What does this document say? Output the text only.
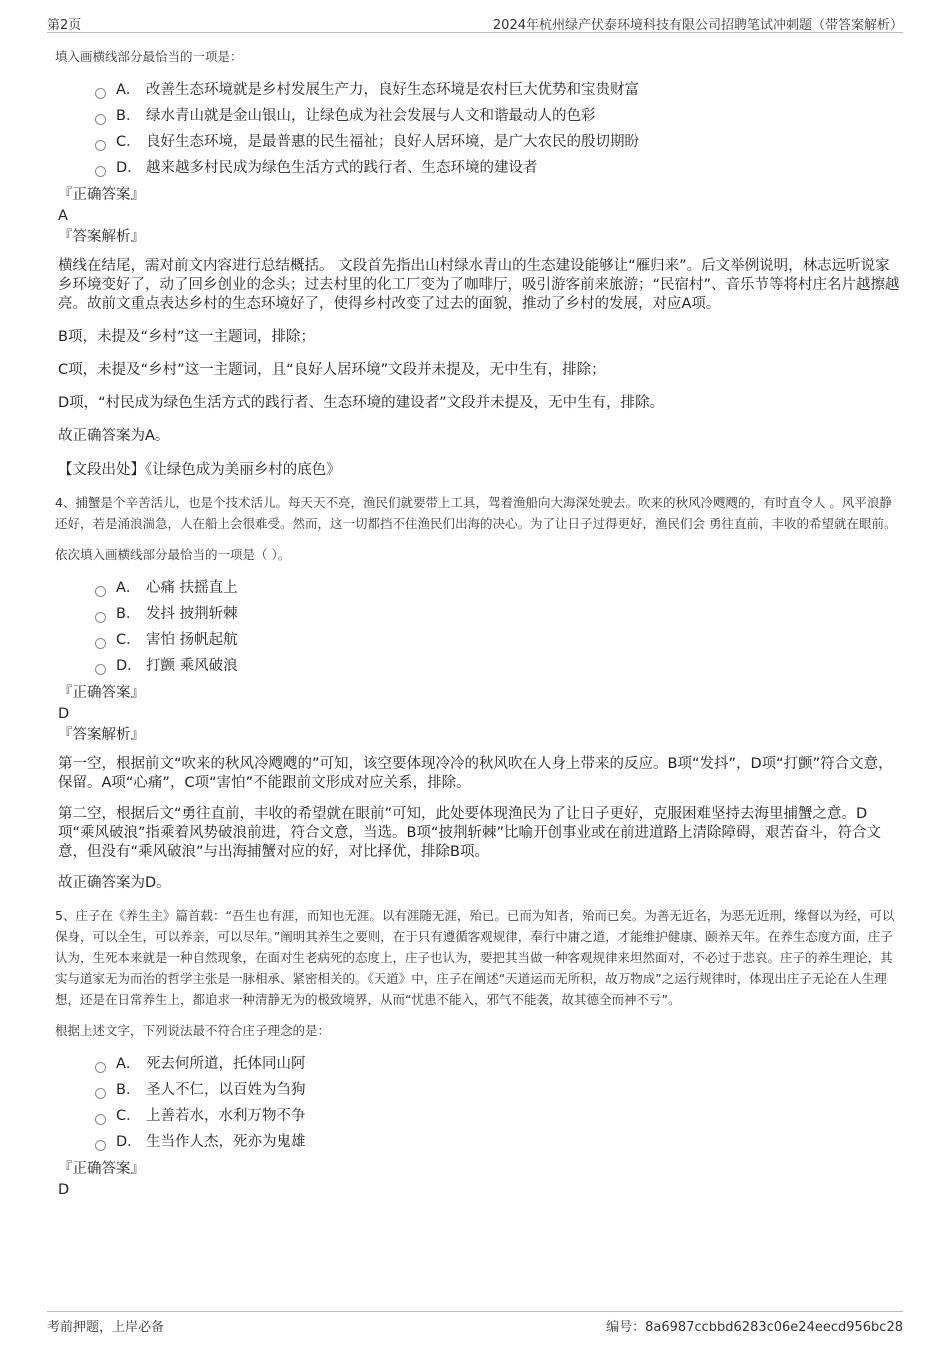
第2页	2024年杭州绿产伏泰环境科技有限公司招聘笔试冲刺题（带答案解析）
填入画横线部分最恰当的一项是：
A． 改善生态环境就是乡村发展生产力，良好生态环境是农村巨大优势和宝贵财富
B． 绿水青山就是金山银山，让绿色成为社会发展与人文和谐最动人的色彩
C． 良好生态环境，是最普惠的民生福祉；良好人居环境，是广大农民的殷切期盼
D． 越来越多村民成为绿色生活方式的践行者、生态环境的建设者
『正确答案』
A
『答案解析』
横线在结尾，需对前文内容进行总结概括。 文段首先指出山村绿水青山的生态建设能够让“雁归来”。后文举例说明，林志远听说家乡环境变好了，动了回乡创业的念头；过去村里的化工厂变为了咖啡厅，吸引游客前来旅游；“民宿村”、音乐节等将村庄名片越擦越亮。故前文重点表达乡村的生态环境好了，使得乡村改变了过去的面貌，推动了乡村的发展，对应A项。
B项，未提及“乡村”这一主题词，排除；
C项，未提及“乡村”这一主题词，且“良好人居环境”文段并未提及，无中生有，排除；
D项，“村民成为绿色生活方式的践行者、生态环境的建设者”文段并未提及，无中生有，排除。
故正确答案为A。
【文段出处】《让绿色成为美丽乡村的底色》
4、捕蟹是个辛苦活儿，也是个技术活儿。每天天不亮，渔民们就要带上工具，驾着渔船向大海深处驶去。吹来的秋风冷飕飕的，有时直令人 。风平浪静还好，若是涌浪湍急，人在船上会很难受。然而，这一切都挡不住渔民们出海的决心。为了让日子过得更好，渔民们会 勇往直前，丰收的希望就在眼前。
依次填入画横线部分最恰当的一项是（ ）。
A． 心痛 扶摇直上
B． 发抖 披荆斩棘
C． 害怕 扬帆起航
D． 打颤 乘风破浪
『正确答案』
D
『答案解析』
第一空，根据前文“吹来的秋风冷飕飕的”可知，该空要体现冷冷的秋风吹在人身上带来的反应。B项“发抖”，D项“打颤”符合文意，保留。A项“心痛”，C项“害怕”不能跟前文形成对应关系，排除。
第二空，根据后文“勇往直前，丰收的希望就在眼前”可知，此处要体现渔民为了让日子更好，克服困难坚持去海里捕蟹之意。D项“乘风破浪”指乘着风势破浪前进，符合文意，当选。B项“披荆斩棘”比喻开创事业或在前进道路上清除障碍，艰苦奋斗，符合文意，但没有“乘风破浪”与出海捕蟹对应的好，对比择优，排除B项。
故正确答案为D。
5、庄子在《养生主》篇首载：“吾生也有涯，而知也无涯。以有涯随无涯，殆已。已而为知者，殆而已矣。为善无近名，为恶无近刑，缘督以为经，可以保身，可以全生，可以养亲，可以尽年。”阐明其养生之要则，在于只有遵循客观规律，奉行中庸之道，才能维护健康、颐养天年。在养生态度方面，庄子认为，生死本来就是一种自然现象，在面对生老病死的态度上，庄子也认为，要把其当做一种客观规律来坦然面对，不必过于悲哀。庄子的养生理论，其实与道家无为而治的哲学主张是一脉相承、紧密相关的。《天道》中，庄子在阐述“天道运而无所积，故万物成”之运行规律时，体现出庄子无论在人生理想，还是在日常养生上，都追求一种清静无为的极致境界，从而“忧患不能入，邪气不能袭，故其德全而神不亏”。
根据上述文字，下列说法最不符合庄子理念的是：
A． 死去何所道，托体同山阿
B． 圣人不仁，以百姓为刍狗
C． 上善若水，水利万物不争
D． 生当作人杰，死亦为鬼雄
『正确答案』
D
考前押题，上岸必备	编号：8a6987ccbbd6283c06e24eecd956bc28
